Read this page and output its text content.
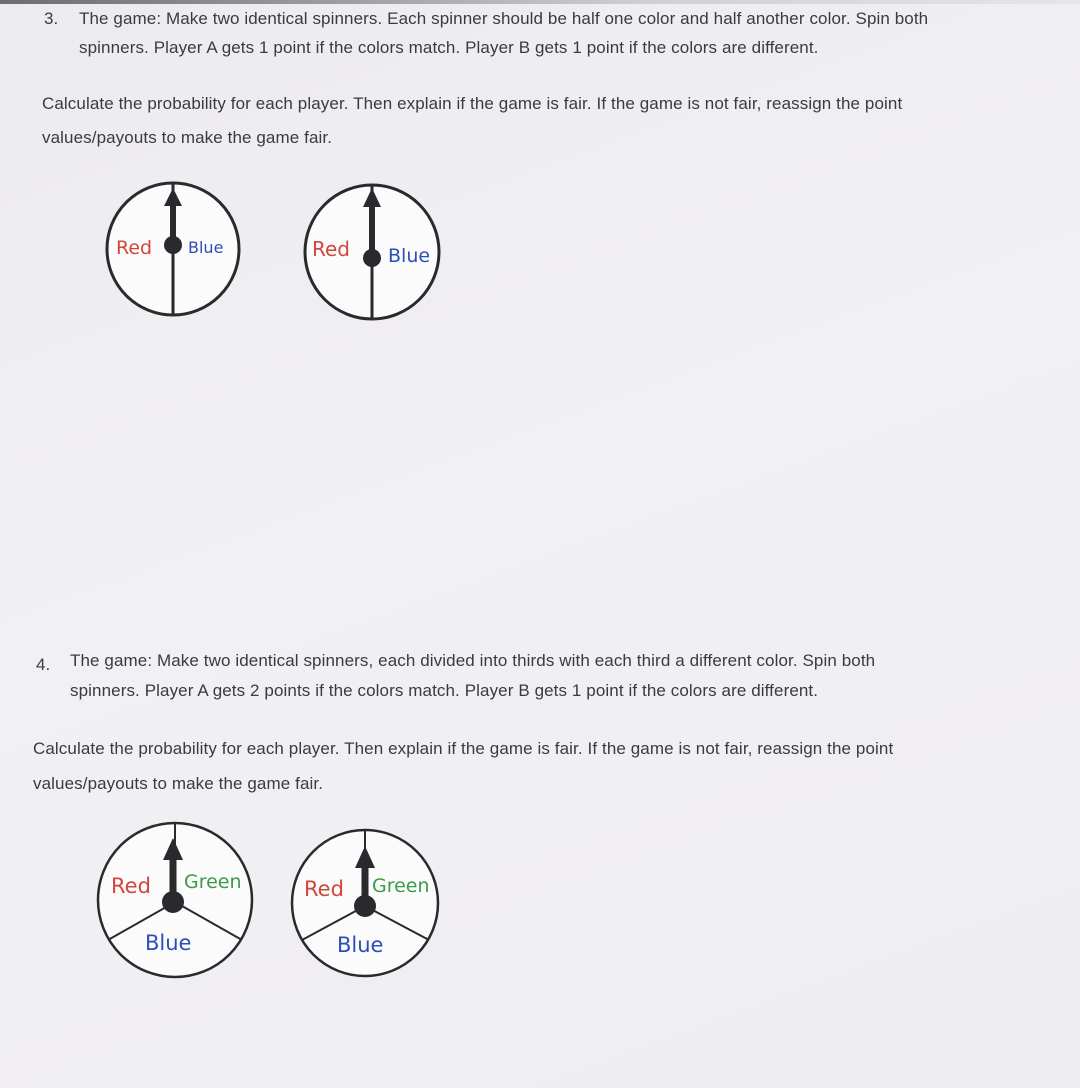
3. The game: Make two identical spinners. Each spinner should be half one color and half another color. Spin both
spinners. Player A gets 1 point if the colors match. Player B gets 1 point if the colors are different.
Calculate the probability for each player. Then explain if the game is fair. If the game is not fair, reassign the point
values/payouts to make the game fair.
Red Blue	Red Blue
4. The game: Make two identical spinners, each divided into thirds with each third a different color. Spin both
spinners. Player A gets 2 points if the colors match. Player B gets 1 point if the colors are different.
Calculate the probability for each player. Then explain if the game is fair. If the game is not fair, reassign the point
values/payouts to make the game fair.
Red Green
Blue
Red Green
Blue
